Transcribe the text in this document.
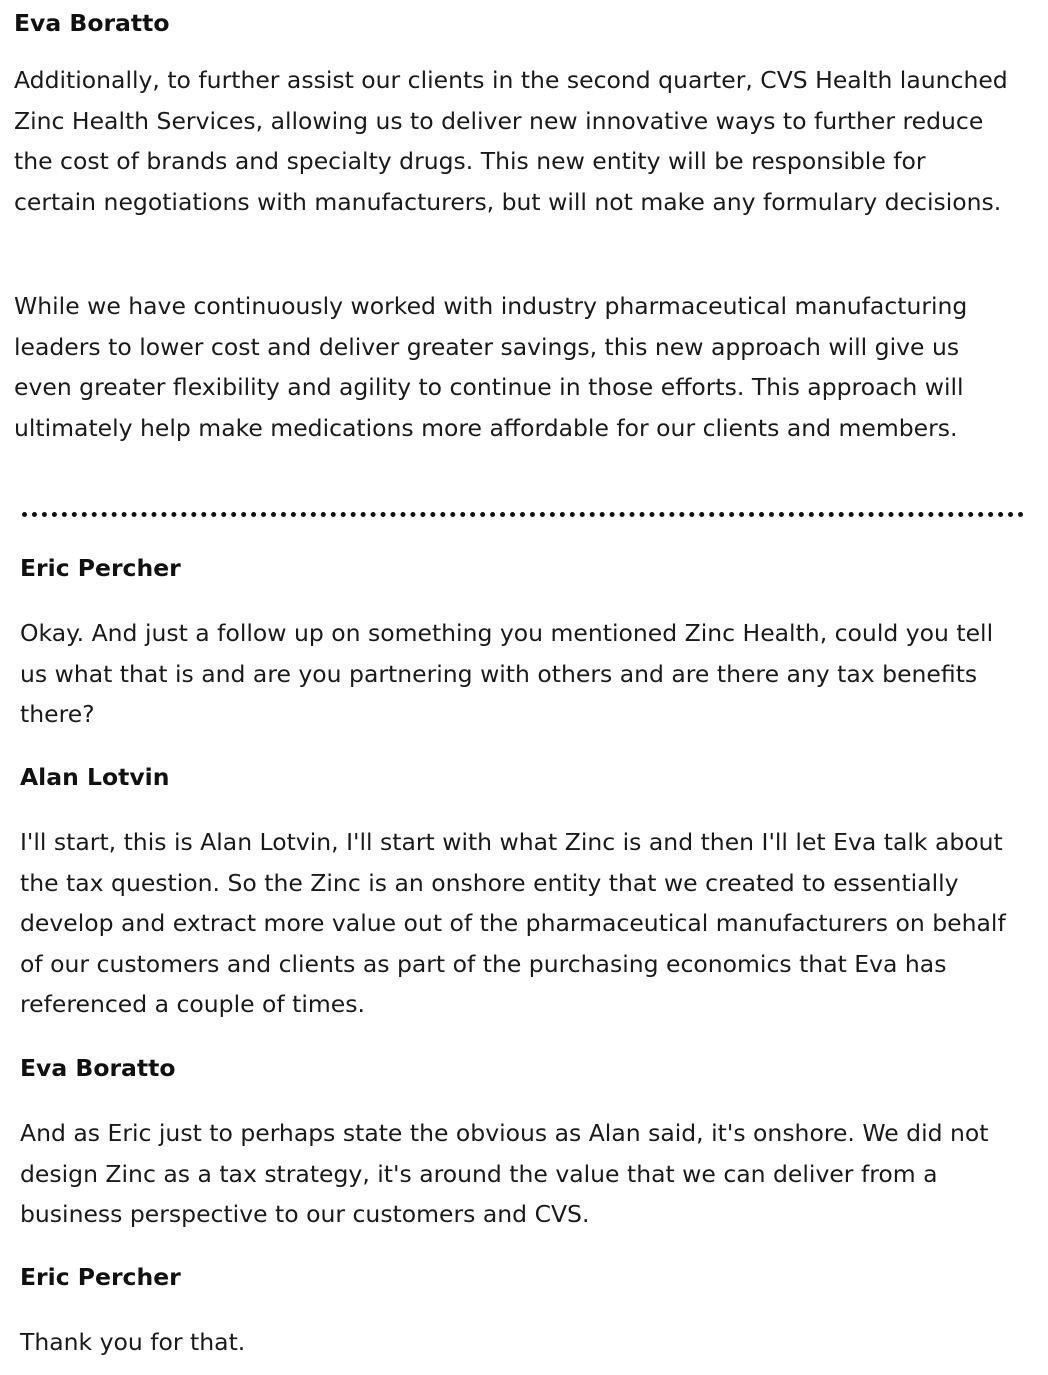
Eva Boratto

Additionally, to further assist our clients in the second quarter, CVS Health launched Zinc Health Services, allowing us to deliver new innovative ways to further reduce the cost of brands and specialty drugs. This new entity will be responsible for certain negotiations with manufacturers, but will not make any formulary decisions.

While we have continuously worked with industry pharmaceutical manufacturing leaders to lower cost and deliver greater savings, this new approach will give us even greater flexibility and agility to continue in those efforts. This approach will ultimately help make medications more affordable for our clients and members.

Eric Percher

Okay. And just a follow up on something you mentioned Zinc Health, could you tell us what that is and are you partnering with others and are there any tax benefits there?

Alan Lotvin

I'll start, this is Alan Lotvin, I'll start with what Zinc is and then I'll let Eva talk about the tax question. So the Zinc is an onshore entity that we created to essentially develop and extract more value out of the pharmaceutical manufacturers on behalf of our customers and clients as part of the purchasing economics that Eva has referenced a couple of times.

Eva Boratto

And as Eric just to perhaps state the obvious as Alan said, it's onshore. We did not design Zinc as a tax strategy, it's around the value that we can deliver from a business perspective to our customers and CVS.

Eric Percher

Thank you for that.
